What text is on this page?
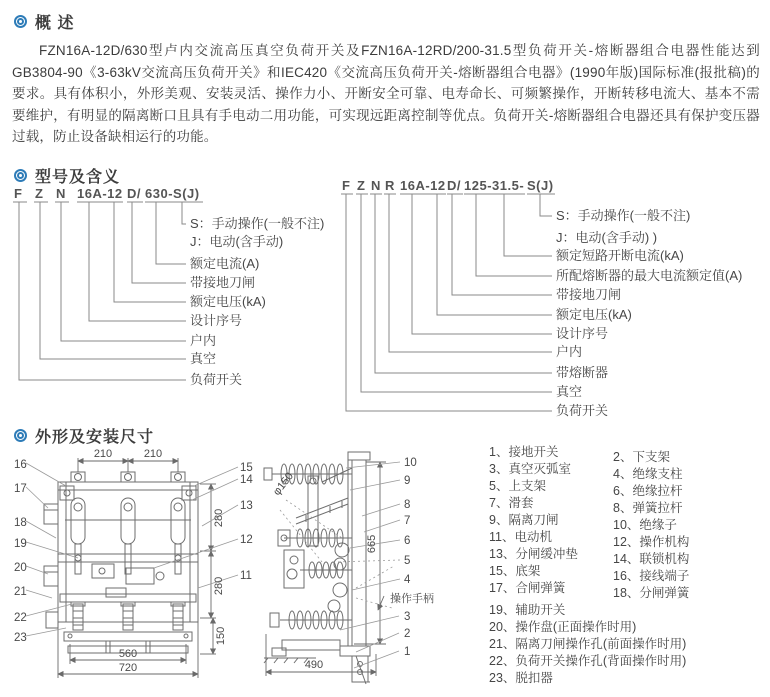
概 述

FZN16A-12D/630型卢内交流高压真空负荷开关及FZN16A-12RD/200-31.5型负荷开关-熔断器组合电器性能达到GB3804-90《3-63kV交流高压负荷开关》和IEC420《交流高压负荷开关-熔断器组合电器》(1990年版)国际标准(报批稿)的要求。具有体积小，外形美观、安装灵活、操作力小、开断安全可靠、电寿命长、可频繁操作，开断转移电流大、基本不需要维护，有明显的隔离断口且具有手电动二用功能，可实现远距离控制等优点。负荷开关-熔断器组合电器还具有保护变压器过载，防止设备缺相运行的功能。

型号及含义
F Z N 16A-12 D/ 630-S(J)
S：手动操作(一般不注)
J：电动(含手动)
额定电流(A)
带接地刀闸
额定电压(kA)
设计序号
户内
真空
负荷开关
F Z N R 16A-12 D/ 125-31.5- S(J)
S：手动操作(一般不注)
J：电动(含手动) )
额定短路开断电流(kA)
所配熔断器的最大电流额定值(A)
带接地刀闸
额定电压(kA)
设计序号
户内
带熔断器
真空
负荷开关
外形及安装尺寸
210	210
280
280
150
560
720
16
17
18
19
20
21
22
23
15
14
13
12
11
665
490
φ150
10
9
8
7
6
5
4
操作手柄
3
2
1
1、接地开关	2、下支架
3、真空灭弧室	4、绝缘支柱
5、上支架	6、绝缘拉杆
7、滑套	8、弹簧拉杆
9、隔离刀闸	10、绝缘子
11、电动机	12、操作机构
13、分闸缓冲垫	14、联锁机构
15、底架	16、接线端子
17、合闸弹簧	18、分闸弹簧
19、辅助开关
20、操作盘(正面操作时用)
21、隔离刀闸操作孔(前面操作时用)
22、负荷开关操作孔(背面操作时用)
23、脱扣器
